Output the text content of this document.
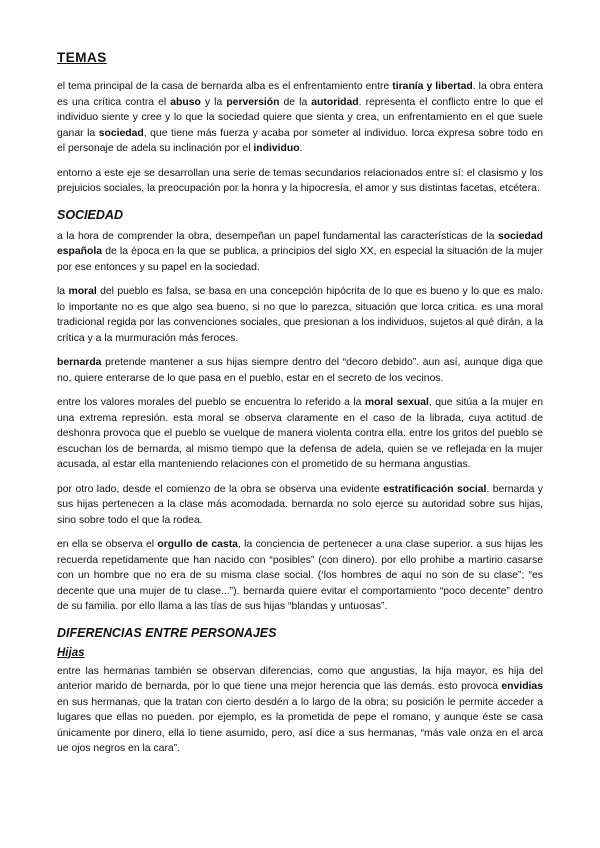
TEMAS

el tema principal de la casa de bernarda alba es el enfrentamiento entre tiranía y libertad. la obra entera es una crítica contra el abuso y la perversión de la autoridad. representa el conflicto entre lo que el individuo siente y cree y lo que la sociedad quiere que sienta y crea, un enfrentamiento en el que suele ganar la sociedad, que tiene más fuerza y acaba por someter al individuo. lorca expresa sobre todo en el personaje de adela su inclinación por el individuo.

entorno a este eje se desarrollan una serie de temas secundarios relacionados entre sí: el clasismo y los prejuicios sociales, la preocupación por la honra y la hipocresía, el amor y sus distintas facetas, etcétera.

SOCIEDAD

a la hora de comprender la obra, desempeñan un papel fundamental las características de la sociedad española de la época en la que se publica, a principios del siglo XX, en especial la situación de la mujer por ese entonces y su papel en la sociedad.

la moral del pueblo es falsa, se basa en una concepción hipócrita de lo que es bueno y lo que es malo. lo importante no es que algo sea bueno, si no que lo parezca, situación que lorca critica. es una moral tradicional regida por las convenciones sociales, que presionan a los individuos, sujetos al qué dirán, a la crítica y a la murmuración más feroces.

bernarda pretende mantener a sus hijas siempre dentro del “decoro debido”. aun así, aunque diga que no, quiere enterarse de lo que pasa en el pueblo, estar en el secreto de los vecinos.

entre los valores morales del pueblo se encuentra lo referido a la moral sexual, que sitúa a la mujer en una extrema represión. esta moral se observa claramente en el caso de la librada, cuya actitud de deshonra provoca que el pueblo se vuelque de manera violenta contra ella. entre los gritos del pueblo se escuchan los de bernarda, al mismo tiempo que la defensa de adela, quien se ve reflejada en la mujer acusada, al estar ella manteniendo relaciones con el prometido de su hermana angustias.

por otro lado, desde el comienzo de la obra se observa una evidente estratificación social. bernarda y sus hijas pertenecen a la clase más acomodada. bernarda no solo ejerce su autoridad sobre sus hijas, sino sobre todo el que la rodea.

en ella se observa el orgullo de casta, la conciencia de pertenecer a una clase superior. a sus hijas les recuerda repetidamente que han nacido con “posibles” (con dinero). por ello prohibe a martirio casarse con un hombre que no era de su misma clase social. (‘los hombres de aquí no son de su clase”; “es decente que una mujer de tu clase...”). bernarda quiere evitar el comportamiento “poco decente” dentro de su familia. por ello llama a las tías de sus hijas “blandas y untuosas”.

DIFERENCIAS ENTRE PERSONAJES
Hijas

entre las hermanas también se observan diferencias, como que angustias, la hija mayor, es hija del anterior marido de bernarda, por lo que tiene una mejor herencia que las demás. esto provoca envidias en sus hermanas, que la tratan con cierto desdén a lo largo de la obra; su posición le permite acceder a lugares que ellas no pueden. por ejemplo, es la prometida de pepe el romano, y aunque éste se casa únicamente por dinero, ella lo tiene asumido, pero, así dice a sus hermanas, “más vale onza en el arca ue ojos negros en la cara”.
